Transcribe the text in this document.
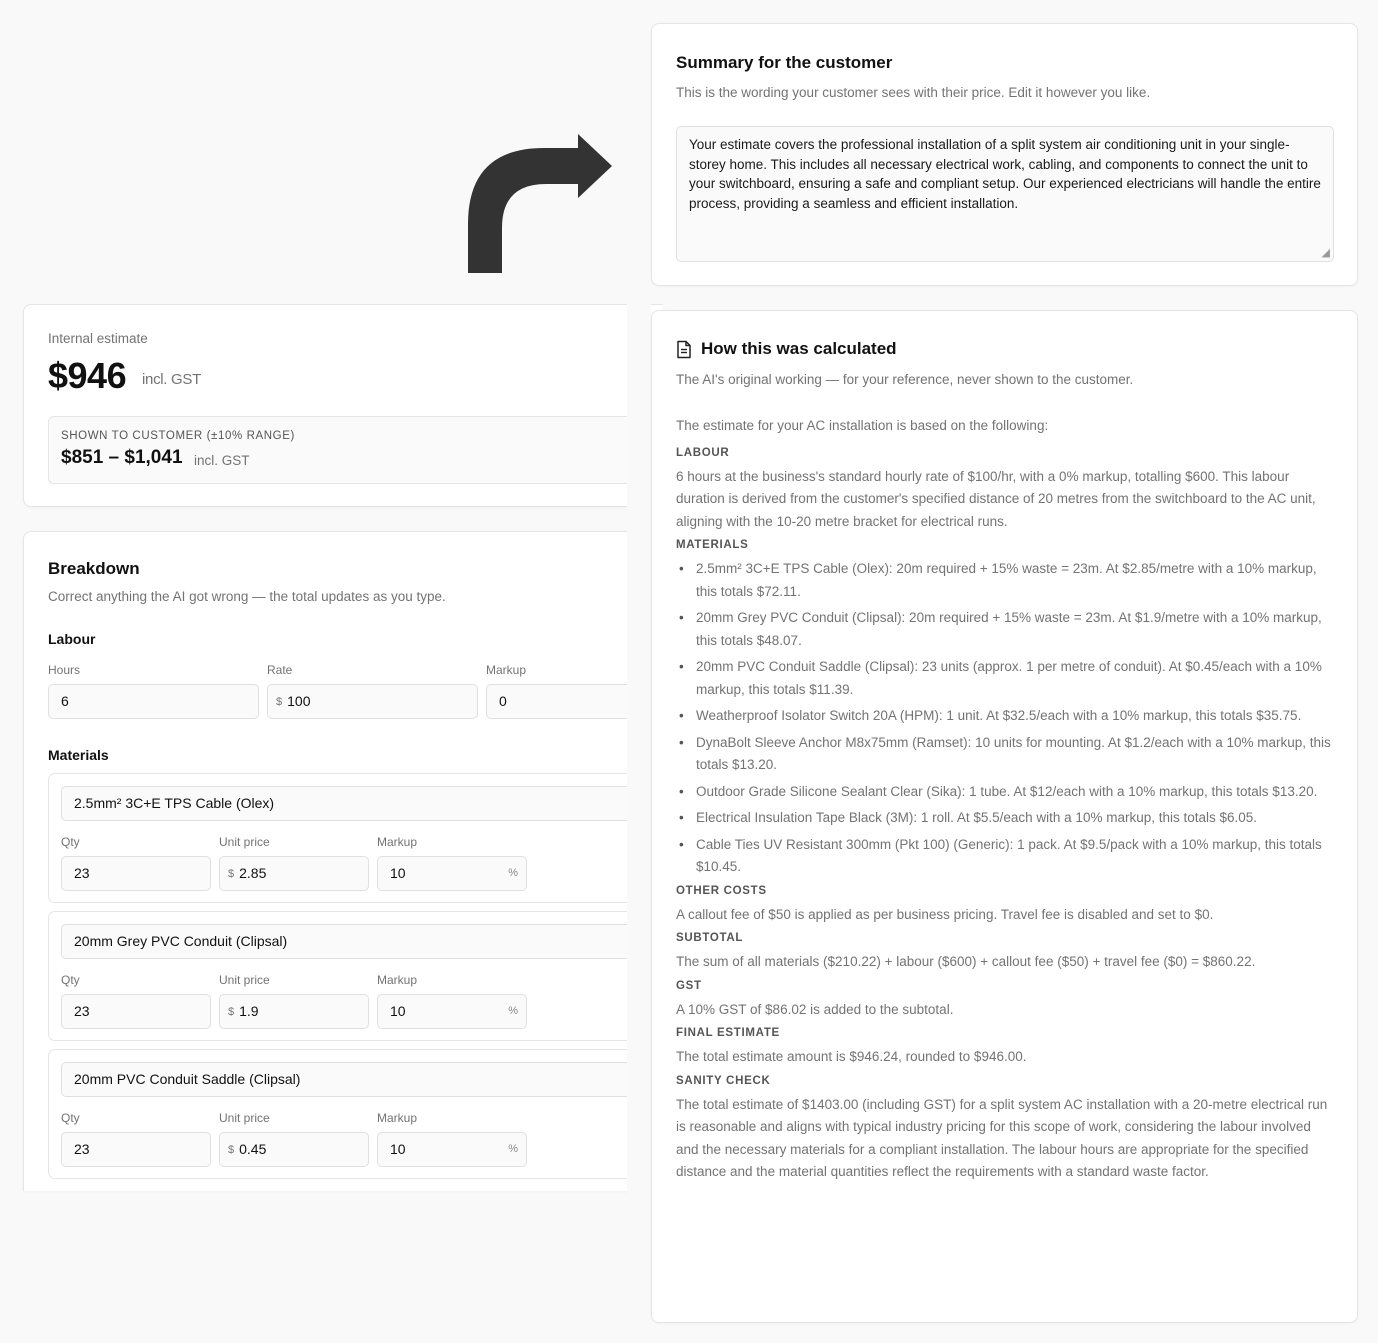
Summary for the customer
This is the wording your customer sees with their price. Edit it however you like.
Your estimate covers the professional installation of a split system air conditioning unit in your single-storey home. This includes all necessary electrical work, cabling, and components to connect the unit to your switchboard, ensuring a safe and compliant setup. Our experienced electricians will handle the entire process, providing a seamless and efficient installation.
◢
Internal estimate
$946 incl. GST
SHOWN TO CUSTOMER (±10% RANGE)
$851 – $1,041 incl. GST
Breakdown
Correct anything the AI got wrong — the total updates as you type.
Labour
Hours	Rate	Markup
6	$ 100	0
Materials
2.5mm² 3C+E TPS Cable (Olex)
Qty	Unit price	Markup
23	$ 2.85	10	%
20mm Grey PVC Conduit (Clipsal)
Qty	Unit price	Markup
23	$ 1.9	10	%
20mm PVC Conduit Saddle (Clipsal)
Qty	Unit price	Markup
23	$ 0.45	10	%
How this was calculated
The AI's original working — for your reference, never shown to the customer.
The estimate for your AC installation is based on the following:
LABOUR

6 hours at the business's standard hourly rate of $100/hr, with a 0% markup, totalling $600. This labour duration is derived from the customer's specified distance of 20 metres from the switchboard to the AC unit, aligning with the 10-20 metre bracket for electrical runs.

MATERIALS
• 2.5mm² 3C+E TPS Cable (Olex): 20m required + 15% waste = 23m. At $2.85/metre with a 10% markup, this totals $72.11.
• 20mm Grey PVC Conduit (Clipsal): 20m required + 15% waste = 23m. At $1.9/metre with a 10% markup, this totals $48.07.
• 20mm PVC Conduit Saddle (Clipsal): 23 units (approx. 1 per metre of conduit). At $0.45/each with a 10% markup, this totals $11.39.
• Weatherproof Isolator Switch 20A (HPM): 1 unit. At $32.5/each with a 10% markup, this totals $35.75.
• DynaBolt Sleeve Anchor M8x75mm (Ramset): 10 units for mounting. At $1.2/each with a 10% markup, this totals $13.20.
• Outdoor Grade Silicone Sealant Clear (Sika): 1 tube. At $12/each with a 10% markup, this totals $13.20.
• Electrical Insulation Tape Black (3M): 1 roll. At $5.5/each with a 10% markup, this totals $6.05.
• Cable Ties UV Resistant 300mm (Pkt 100) (Generic): 1 pack. At $9.5/pack with a 10% markup, this totals $10.45.
OTHER COSTS

A callout fee of $50 is applied as per business pricing. Travel fee is disabled and set to $0.

SUBTOTAL

The sum of all materials ($210.22) + labour ($600) + callout fee ($50) + travel fee ($0) = $860.22.

GST

A 10% GST of $86.02 is added to the subtotal.

FINAL ESTIMATE

The total estimate amount is $946.24, rounded to $946.00.

SANITY CHECK

The total estimate of $1403.00 (including GST) for a split system AC installation with a 20-metre electrical run is reasonable and aligns with typical industry pricing for this scope of work, considering the labour involved and the necessary materials for a compliant installation. The labour hours are appropriate for the specified distance and the material quantities reflect the requirements with a standard waste factor.
